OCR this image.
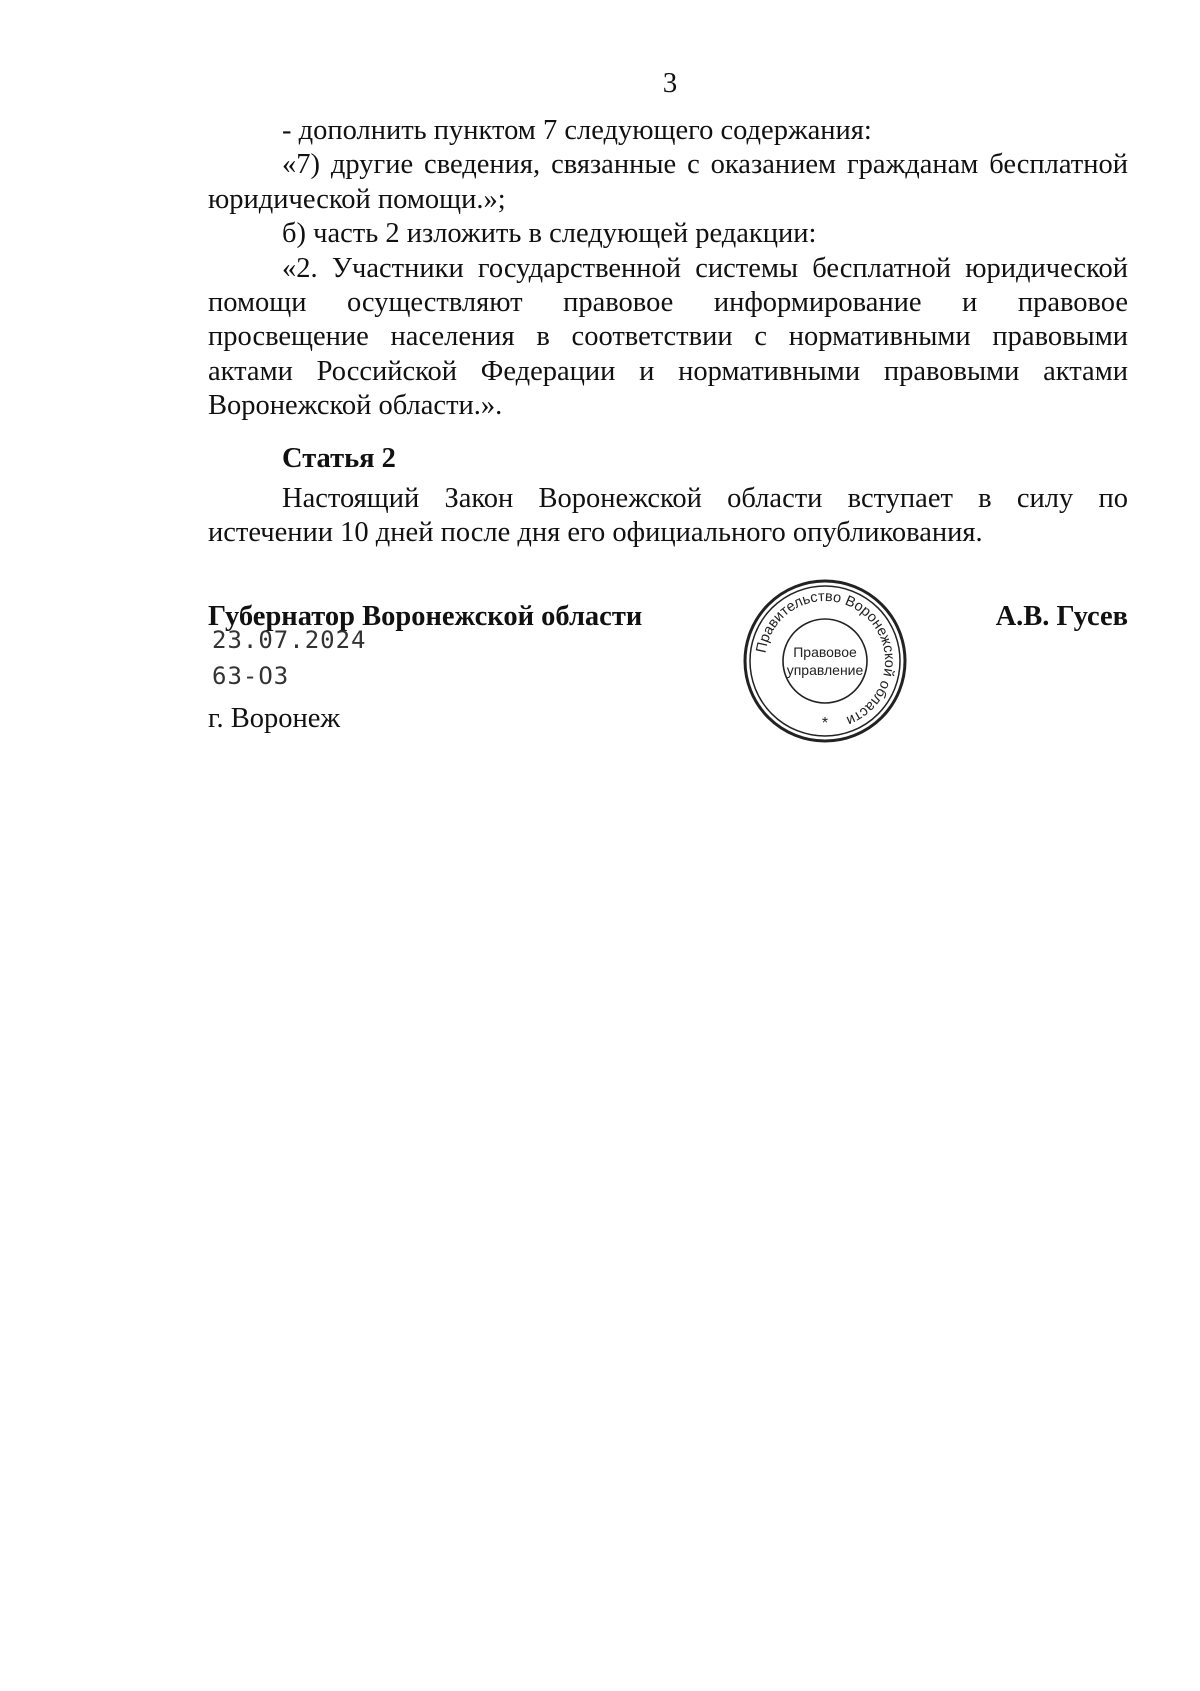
3

- дополнить пунктом 7 следующего содержания:

«7) другие сведения, связанные с оказанием гражданам бесплатной юридической помощи.»;

б) часть 2 изложить в следующей редакции:

«2. Участники государственной системы бесплатной юридической помощи осуществляют правовое информирование и правовое просвещение населения в соответствии с нормативными правовыми актами Российской Федерации и нормативными правовыми актами Воронежской области.».

Статья 2

Настоящий Закон Воронежской области вступает в силу по истечении 10 дней после дня его официального опубликования.

Губернатор Воронежской области	А.В. Гусев
23.07.2024
63-ОЗ
г. Воронеж
Правительство Воронежской области
Правовое
управление
*
